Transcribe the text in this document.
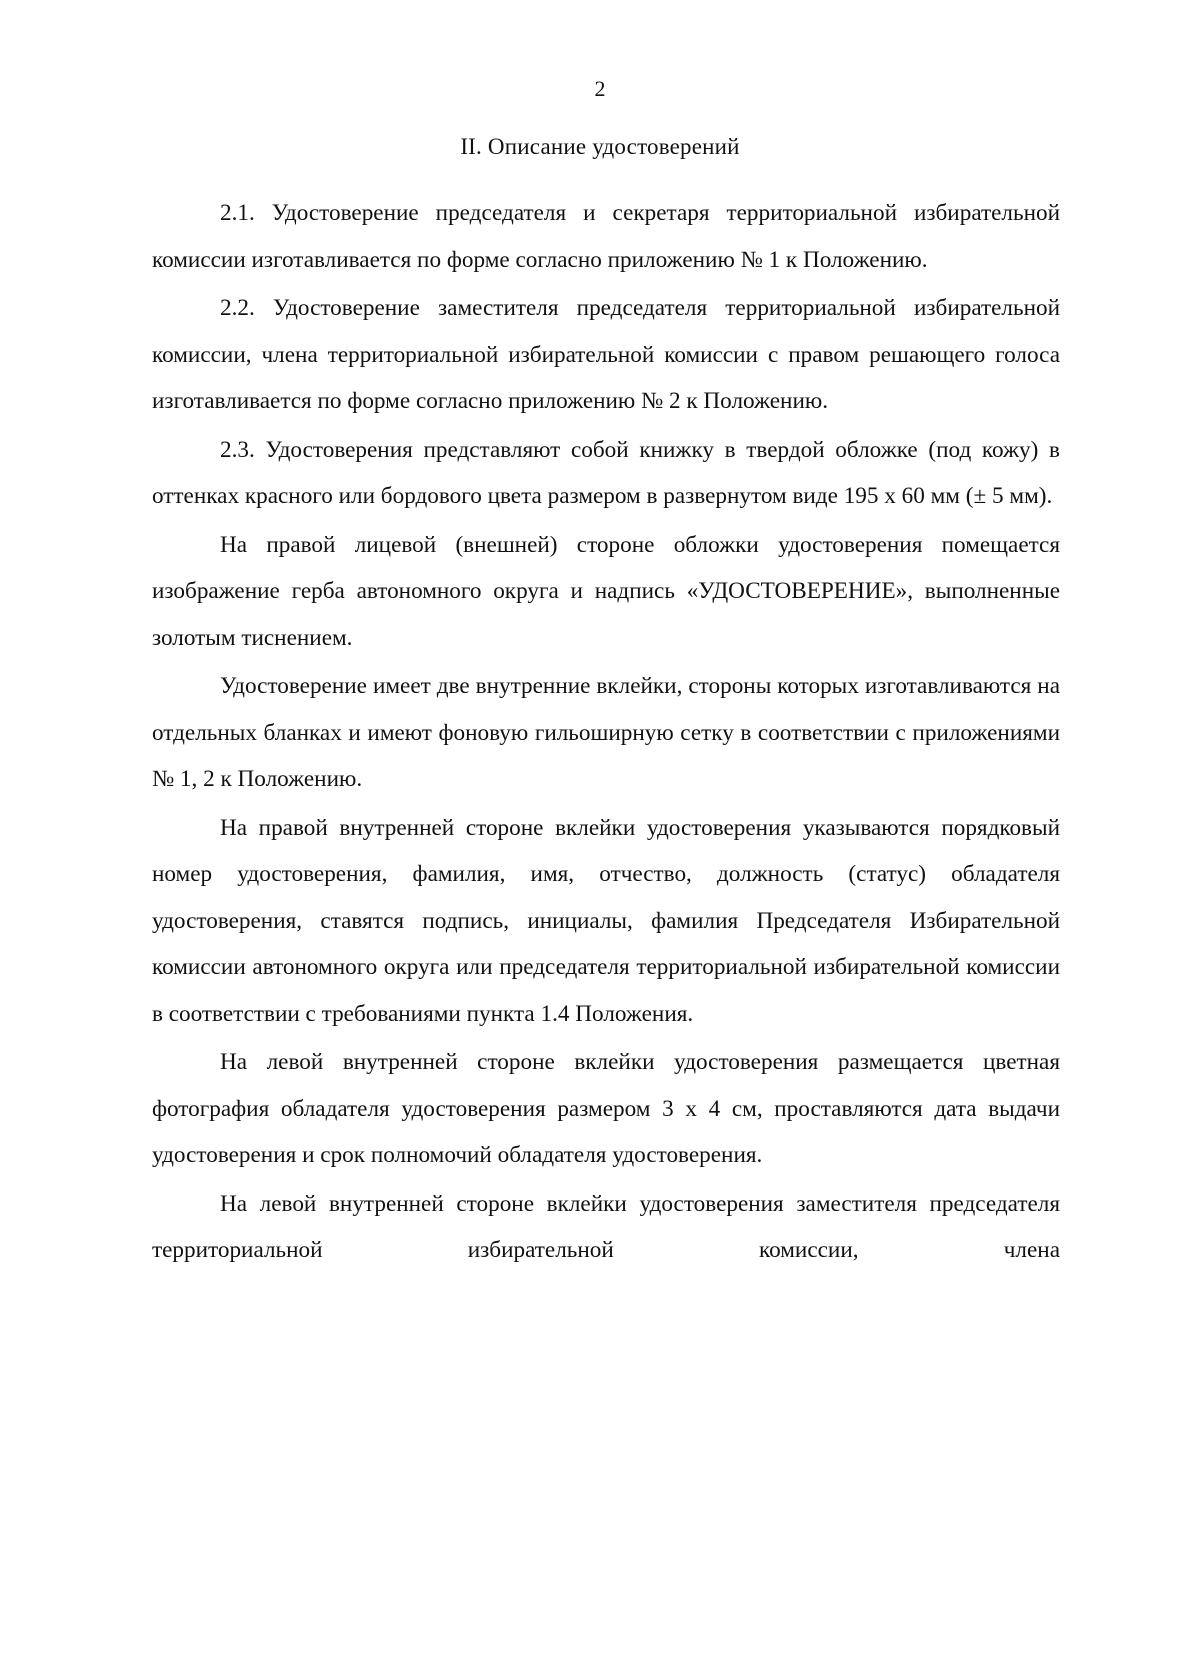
2
II. Описание удостоверений

2.1. Удостоверение председателя и секретаря территориальной избирательной комиссии изготавливается по форме согласно приложению № 1 к Положению.

2.2. Удостоверение заместителя председателя территориальной избирательной комиссии, члена территориальной избирательной комиссии с правом решающего голоса изготавливается по форме согласно приложению № 2 к Положению.

2.3. Удостоверения представляют собой книжку в твердой обложке (под кожу) в оттенках красного или бордового цвета размером в развернутом виде 195 х 60 мм (± 5 мм).

На правой лицевой (внешней) стороне обложки удостоверения помещается изображение герба автономного округа и надпись «УДОСТОВЕРЕНИЕ», выполненные золотым тиснением.

Удостоверение имеет две внутренние вклейки, стороны которых изготавливаются на отдельных бланках и имеют фоновую гильоширную сетку в соответствии с приложениями № 1, 2 к Положению.

На правой внутренней стороне вклейки удостоверения указываются порядковый номер удостоверения, фамилия, имя, отчество, должность (статус) обладателя удостоверения, ставятся подпись, инициалы, фамилия Председателя Избирательной комиссии автономного округа или председателя территориальной избирательной комиссии в соответствии с требованиями пункта 1.4 Положения.

На левой внутренней стороне вклейки удостоверения размещается цветная фотография обладателя удостоверения размером 3 х 4 см, проставляются дата выдачи удостоверения и срок полномочий обладателя удостоверения.

На левой внутренней стороне вклейки удостоверения заместителя председателя территориальной избирательной комиссии, члена
